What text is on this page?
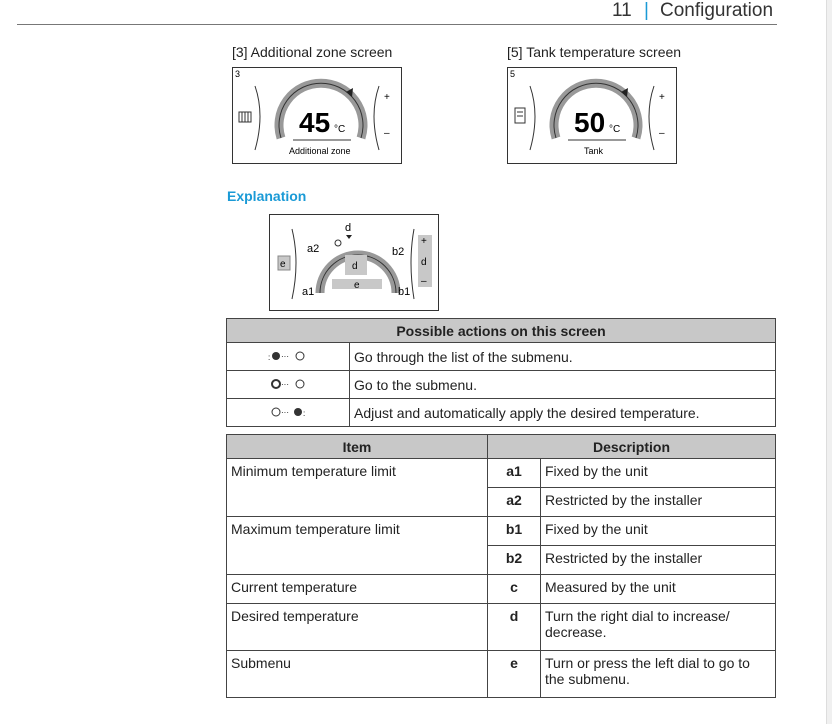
11 | Configuration
[3] Additional zone screen
3
45 °C
Additional zone
+
–
[5] Tank temperature screen
5
50 °C
Tank
+
–
Explanation
e	d
e
a2
a1
b2
b1
d
+
d
–
Possible actions on this screen	

: ···	Go through the list of the submenu.

···	Go to the submenu.

··· :	Adjust and automatically apply the desired temperature.
Item	Description	
Minimum temperature limit	a1	Fixed by the unit
	a2	Restricted by the installer
Maximum temperature limit	b1	Fixed by the unit
	b2	Restricted by the installer
Current temperature	c	Measured by the unit
Desired temperature	d	Turn the right dial to increase/ decrease.
Submenu	e	Turn or press the left dial to go to the submenu.
